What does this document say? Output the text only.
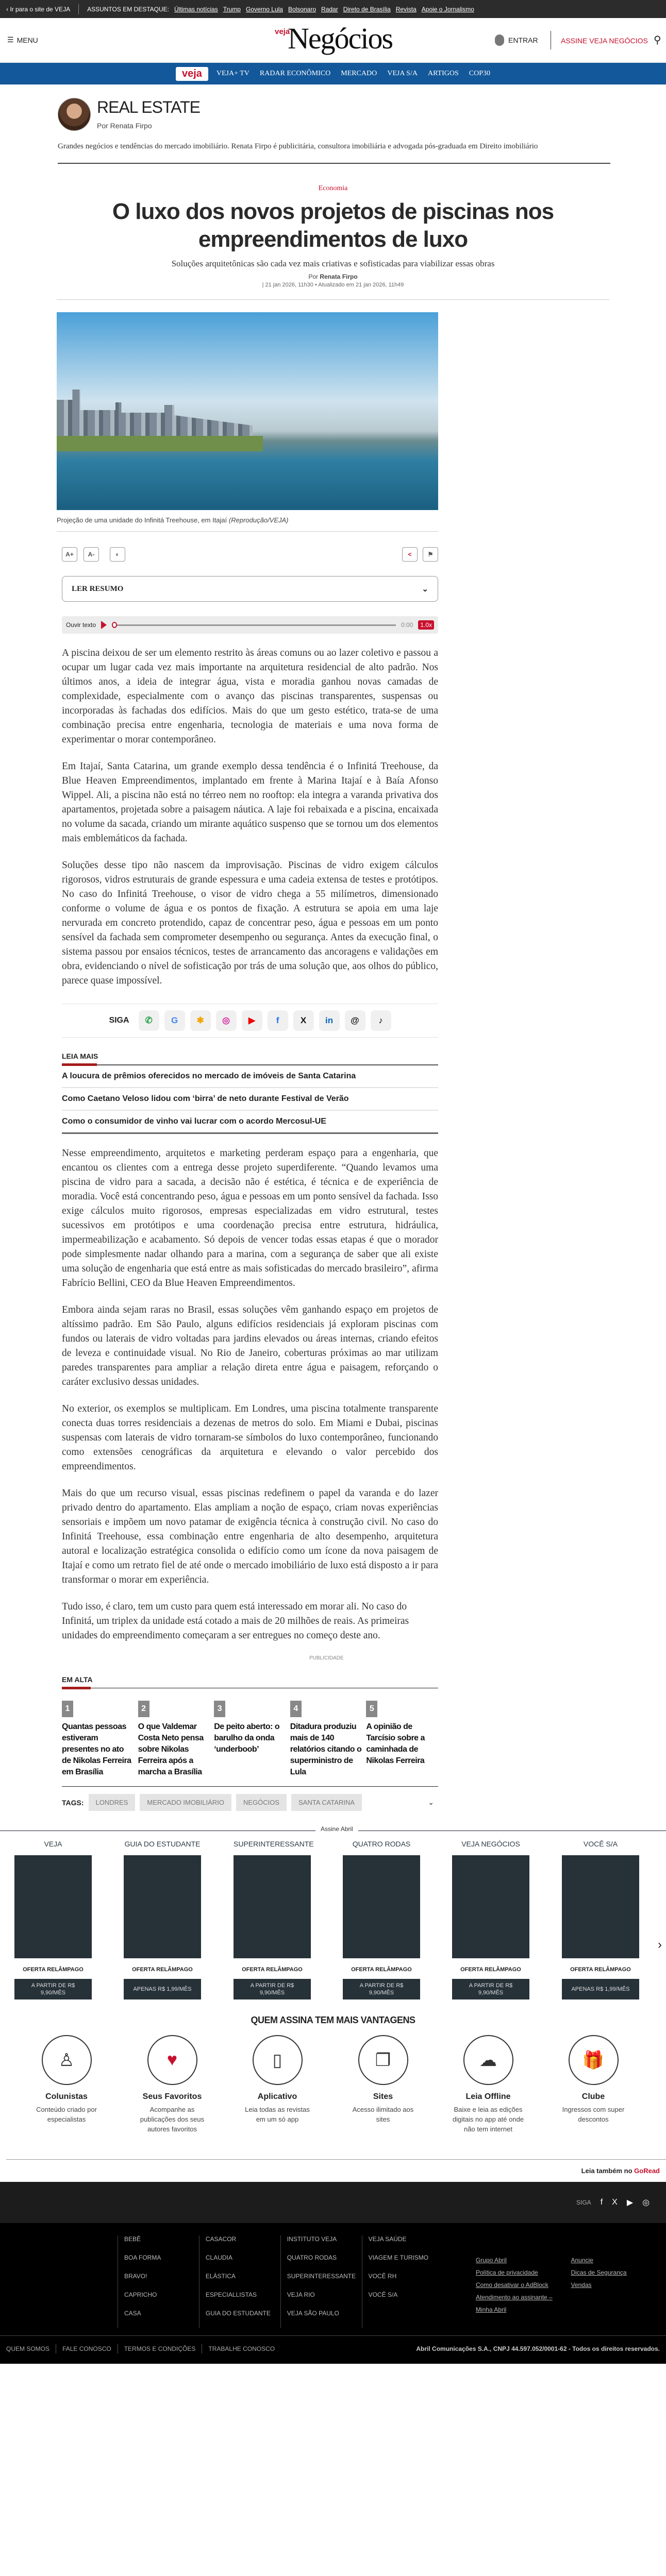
‹ Ir para o site de VEJA	ASSUNTOS EM DESTAQUE: Últimas notícias Trump Governo Lula Bolsonaro Radar Direto de Brasília Revista Apoie o Jornalismo
☰ MENU
veja
Negócios	ENTRAR	ASSINE VEJA NEGÓCIOS ⚲
veja	VEJA+ TV RADAR ECONÔMICO MERCADO VEJA S/A ARTIGOS COP30
REAL ESTATE
Por Renata Firpo
Grandes negócios e tendências do mercado imobiliário. Renata Firpo é publicitária, consultora imobiliária e advogada pós-graduada em Direito imobiliário
Economia
O luxo dos novos projetos de piscinas nos empreendimentos de luxo
Soluções arquitetônicas são cada vez mais criativas e sofisticadas para viabilizar essas obras
Por Renata Firpo
| 21 jan 2026, 11h30 • Atualizado em 21 jan 2026, 11h49
Projeção de uma unidade do Infinitá Treehouse, em Itajaí (Reprodução/VEJA)
A+	A-	◐	<	⚑
LER RESUMO	⌄
Ouvir texto	0:00	1.0x

A piscina deixou de ser um elemento restrito às áreas comuns ou ao lazer coletivo e passou a ocupar um lugar cada vez mais importante na arquitetura residencial de alto padrão. Nos últimos anos, a ideia de integrar água, vista e moradia ganhou novas camadas de complexidade, especialmente com o avanço das piscinas transparentes, suspensas ou incorporadas às fachadas dos edifícios. Mais do que um gesto estético, trata-se de uma combinação precisa entre engenharia, tecnologia de materiais e uma nova forma de experimentar o morar contemporâneo.

Em Itajaí, Santa Catarina, um grande exemplo dessa tendência é o Infinitá Treehouse, da Blue Heaven Empreendimentos, implantado em frente à Marina Itajaí e à Baía Afonso Wippel. Ali, a piscina não está no térreo nem no rooftop: ela integra a varanda privativa dos apartamentos, projetada sobre a paisagem náutica. A laje foi rebaixada e a piscina, encaixada no volume da sacada, criando um mirante aquático suspenso que se tornou um dos elementos mais emblemáticos da fachada.

Soluções desse tipo não nascem da improvisação. Piscinas de vidro exigem cálculos rigorosos, vidros estruturais de grande espessura e uma cadeia extensa de testes e protótipos. No caso do Infinitá Treehouse, o visor de vidro chega a 55 milímetros, dimensionado conforme o volume de água e os pontos de fixação. A estrutura se apoia em uma laje nervurada em concreto protendido, capaz de concentrar peso, água e pessoas em um ponto sensível da fachada sem comprometer desempenho ou segurança. Antes da execução final, o sistema passou por ensaios técnicos, testes de arrancamento das ancoragens e validações em obra, evidenciando o nível de sofisticação por trás de uma solução que, aos olhos do público, parece quase impossível.

SIGA	✆	G	✱	◎	▶	f	X	in	@	♪
LEIA MAIS
A loucura de prêmios oferecidos no mercado de imóveis de Santa Catarina
Como Caetano Veloso lidou com ‘birra’ de neto durante Festival de Verão
Como o consumidor de vinho vai lucrar com o acordo Mercosul-UE

Nesse empreendimento, arquitetos e marketing perderam espaço para a engenharia, que encantou os clientes com a entrega desse projeto superdiferente. “Quando levamos uma piscina de vidro para a sacada, a decisão não é estética, é técnica e de experiência de moradia. Você está concentrando peso, água e pessoas em um ponto sensível da fachada. Isso exige cálculos muito rigorosos, empresas especializadas em vidro estrutural, testes sucessivos em protótipos e uma coordenação precisa entre estrutura, hidráulica, impermeabilização e acabamento. Só depois de vencer todas essas etapas é que o morador pode simplesmente nadar olhando para a marina, com a segurança de saber que ali existe uma solução de engenharia que está entre as mais sofisticadas do mercado brasileiro”, afirma Fabrício Bellini, CEO da Blue Heaven Empreendimentos.

Embora ainda sejam raras no Brasil, essas soluções vêm ganhando espaço em projetos de altíssimo padrão. Em São Paulo, alguns edifícios residenciais já exploram piscinas com fundos ou laterais de vidro voltadas para jardins elevados ou áreas internas, criando efeitos de leveza e continuidade visual. No Rio de Janeiro, coberturas próximas ao mar utilizam paredes transparentes para ampliar a relação direta entre água e paisagem, reforçando o caráter exclusivo dessas unidades.

No exterior, os exemplos se multiplicam. Em Londres, uma piscina totalmente transparente conecta duas torres residenciais a dezenas de metros do solo. Em Miami e Dubai, piscinas suspensas com laterais de vidro tornaram-se símbolos do luxo contemporâneo, funcionando como extensões cenográficas da arquitetura e elevando o valor percebido dos empreendimentos.

Mais do que um recurso visual, essas piscinas redefinem o papel da varanda e do lazer privado dentro do apartamento. Elas ampliam a noção de espaço, criam novas experiências sensoriais e impõem um novo patamar de exigência técnica à construção civil. No caso do Infinitá Treehouse, essa combinação entre engenharia de alto desempenho, arquitetura autoral e localização estratégica consolida o edifício como um ícone da nova paisagem de Itajaí e como um retrato fiel de até onde o mercado imobiliário de luxo está disposto a ir para transformar o morar em experiência.

Tudo isso, é claro, tem um custo para quem está interessado em morar ali. No caso do Infinitá, um triplex da unidade está cotado a mais de 20 milhões de reais. As primeiras unidades do empreendimento começaram a ser entregues no começo deste ano.

PUBLICIDADE
EM ALTA
1
Quantas pessoas estiveram presentes no ato de Nikolas Ferreira em Brasília
2
O que Valdemar Costa Neto pensa sobre Nikolas Ferreira após a marcha a Brasília
3
De peito aberto: o barulho da onda ‘underboob’
4
Ditadura produziu mais de 140 relatórios citando o superministro de Lula
5
A opinião de Tarcísio sobre a caminhada de Nikolas Ferreira
TAGS:	LONDRES	MERCADO IMOBILIÁRIO	NEGÓCIOS	SANTA CATARINA	⌄
Assine Abril
›
VEJA
OFERTA RELÂMPAGO
A PARTIR DE R$ 9,90/MÊS
GUIA DO ESTUDANTE
OFERTA RELÂMPAGO
APENAS R$ 1,99/MÊS
SUPERINTERESSANTE
OFERTA RELÂMPAGO
A PARTIR DE R$ 9,90/MÊS
QUATRO RODAS
OFERTA RELÂMPAGO
A PARTIR DE R$ 9,90/MÊS
VEJA NEGÓCIOS
OFERTA RELÂMPAGO
A PARTIR DE R$ 9,90/MÊS
VOCÊ S/A
OFERTA RELÂMPAGO
APENAS R$ 1,99/MÊS
QUEM ASSINA TEM MAIS VANTAGENS
♙
Colunistas
Conteúdo criado por especialistas
♥
Seus Favoritos
Acompanhe as publicações dos seus autores favoritos
▯
Aplicativo
Leia todas as revistas em um só app
❐
Sites
Acesso ilimitado aos sites
☁
Leia Offline
Baixe e leia as edições digitais no app até onde não tem internet
🎁
Clube
Ingressos com super descontos
Leia também no GoRead
SIGA f X ▶ ◎
BEBÊ
BOA FORMA
BRAVO!
CAPRICHO
CASA
CASACOR
CLAUDIA
ELÁSTICA
ESPECIALLISTAS
GUIA DO ESTUDANTE
INSTITUTO VEJA
QUATRO RODAS
SUPERINTERESSANTE
VEJA RIO
VEJA SÃO PAULO
VEJA SAÚDE
VIAGEM E TURISMO
VOCÊ RH
VOCÊ S/A
Grupo Abril
Política de privacidade
Como desativar o AdBlock
Atendimento ao assinante – Minha Abril
Anuncie
Dicas de Segurança
Vendas
QUEM SOMOS FALE CONOSCO TERMOS E CONDIÇÕES TRABALHE CONOSCO	Abril Comunicações S.A., CNPJ 44.597.052/0001-62 - Todos os direitos reservados.
